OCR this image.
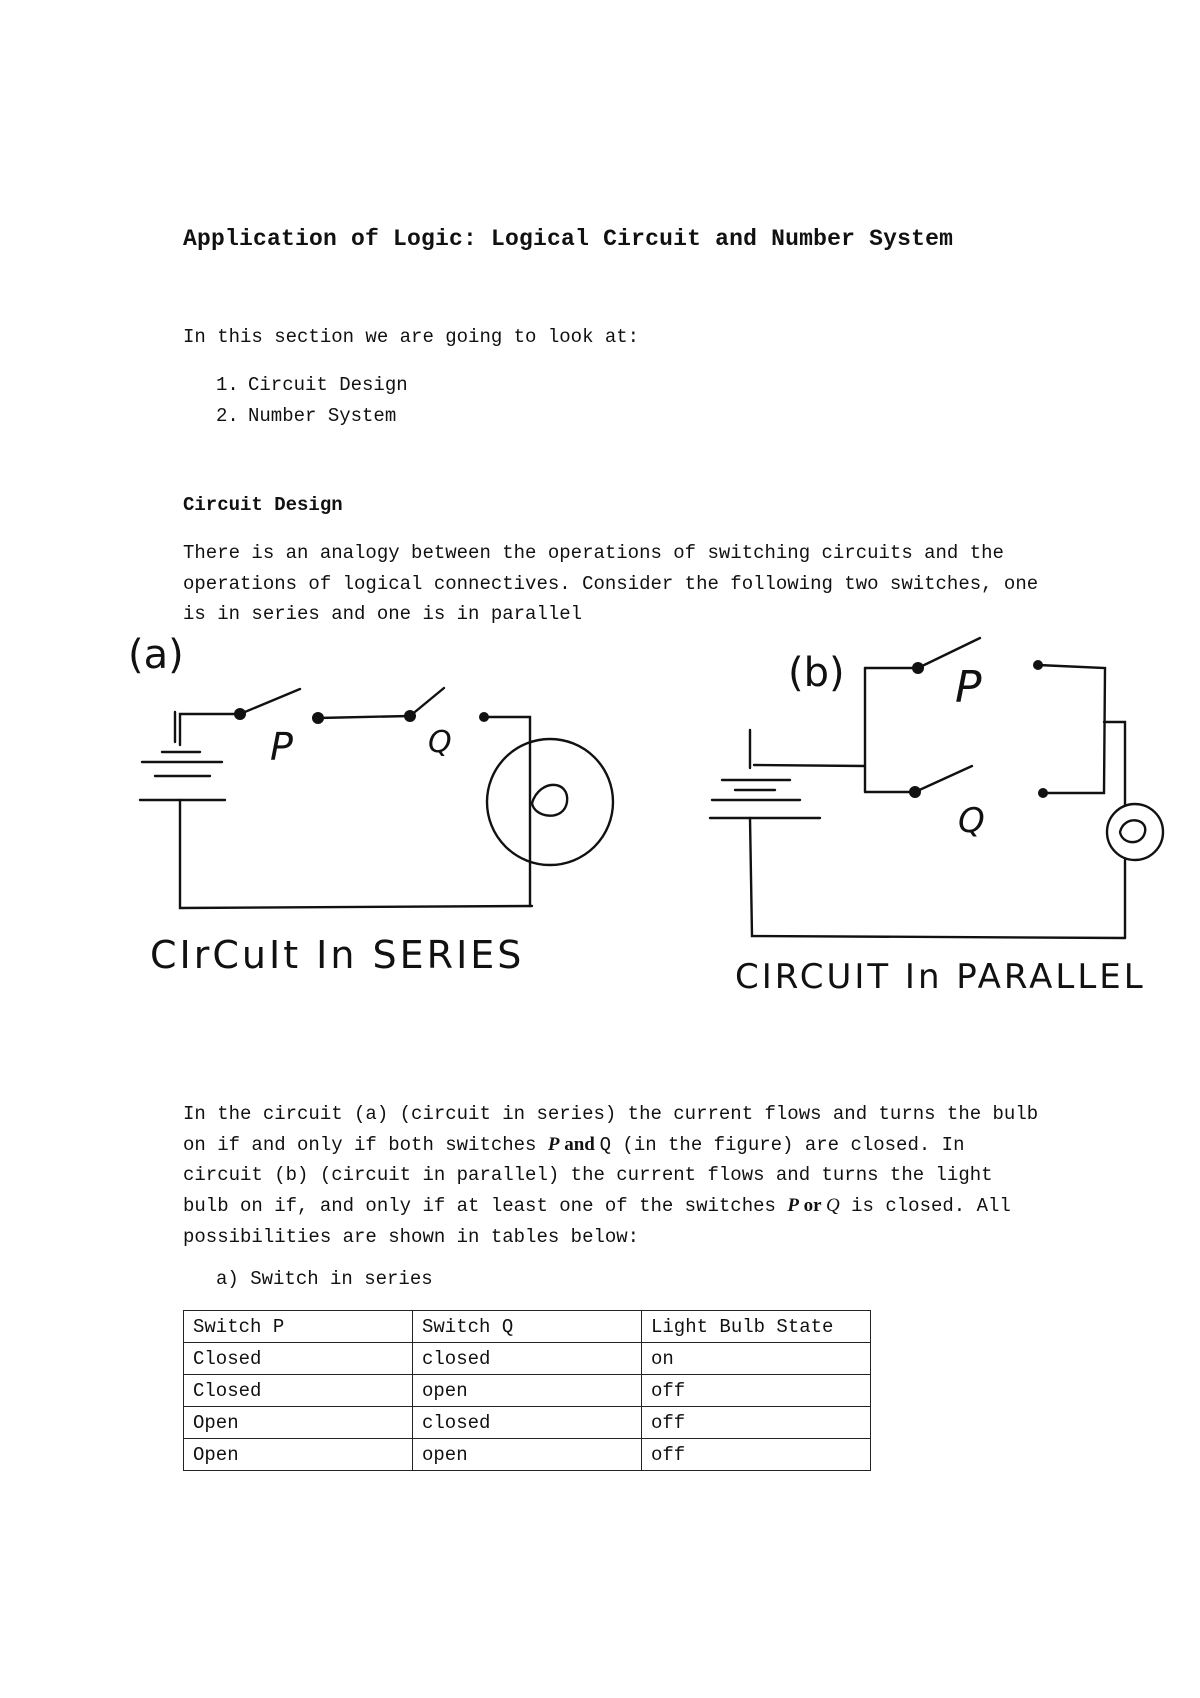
Application of Logic: Logical Circuit and Number System
In this section we are going to look at:
1. Circuit Design
2. Number System
Circuit Design

There is an analogy between the operations of switching circuits and the operations of logical connectives. Consider the following two switches, one is in series and one is in parallel

(a)
P	Q
CIrCuIt In SERIES
(b)	P
Q
CIRCUIT In PARALLEL

In the circuit (a) (circuit in series) the current flows and turns the bulb on if and only if both switches P and Q (in the figure) are closed. In circuit (b) (circuit in parallel) the current flows and turns the light bulb on if, and only if at least one of the switches P or Q is closed. All possibilities are shown in tables below:

a) Switch in series
Switch P	Switch Q	Light Bulb State
Closed	closed	on
Closed	open	off
Open	closed	off
Open	open	off
